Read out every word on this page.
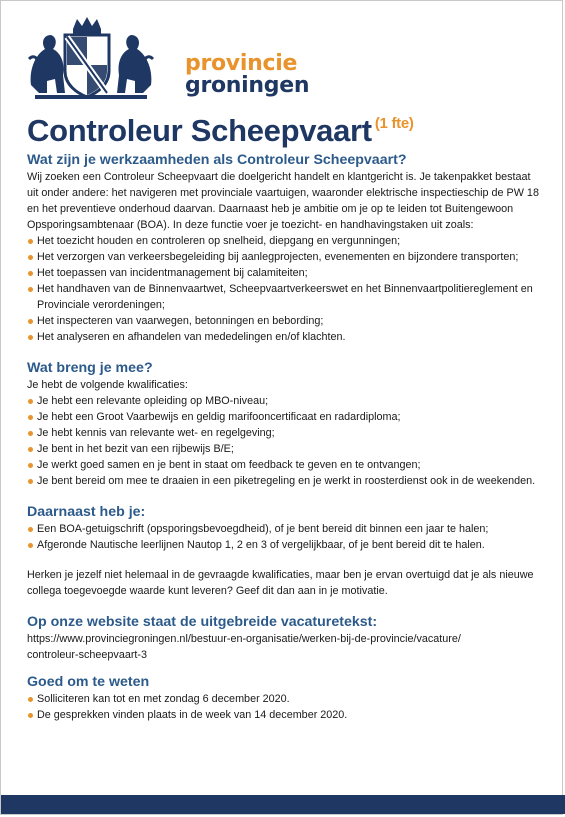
provincie
groningen
Controleur Scheepvaart $^{(1 fte)}$
Wat zijn je werkzaamheden als Controleur Scheepvaart?

Wij zoeken een Controleur Scheepvaart die doelgericht handelt en klantgericht is. Je takenpakket bestaat uit onder andere: het navigeren met provinciale vaartuigen, waaronder elektrische inspectieschip de PW 18 en het preventieve onderhoud daarvan. Daarnaast heb je ambitie om je op te leiden tot Buitengewoon Opsporingsambtenaar (BOA). In deze functie voer je toezicht- en handhavingstaken uit zoals:

Het toezicht houden en controleren op snelheid, diepgang en vergunningen;
Het verzorgen van verkeersbegeleiding bij aanlegprojecten, evenementen en bijzondere transporten;
Het toepassen van incidentmanagement bij calamiteiten;
Het handhaven van de Binnenvaartwet, Scheepvaartverkeerswet en het Binnenvaartpolitiereglement en Provinciale verordeningen;
Het inspecteren van vaarwegen, betonningen en bebording;
Het analyseren en afhandelen van mededelingen en/of klachten.
Wat breng je mee?

Je hebt de volgende kwalificaties:

Je hebt een relevante opleiding op MBO-niveau;
Je hebt een Groot Vaarbewijs en geldig marifooncertificaat en radardiploma;
Je hebt kennis van relevante wet- en regelgeving;
Je bent in het bezit van een rijbewijs B/E;
Je werkt goed samen en je bent in staat om feedback te geven en te ontvangen;
Je bent bereid om mee te draaien in een piketregeling en je werkt in roosterdienst ook in de weekenden.
Daarnaast heb je:
Een BOA-getuigschrift (opsporingsbevoegdheid), of je bent bereid dit binnen een jaar te halen;
Afgeronde Nautische leerlijnen Nautop 1, 2 en 3 of vergelijkbaar, of je bent bereid dit te halen.

Herken je jezelf niet helemaal in de gevraagde kwalificaties, maar ben je ervan overtuigd dat je als nieuwe collega toegevoegde waarde kunt leveren? Geef dit dan aan in je motivatie.

Op onze website staat de uitgebreide vacaturetekst:
https://www.provinciegroningen.nl/bestuur-en-organisatie/werken-bij-de-provincie/vacature/
controleur-scheepvaart-3
Goed om te weten
Solliciteren kan tot en met zondag 6 december 2020.
De gesprekken vinden plaats in de week van 14 december 2020.
